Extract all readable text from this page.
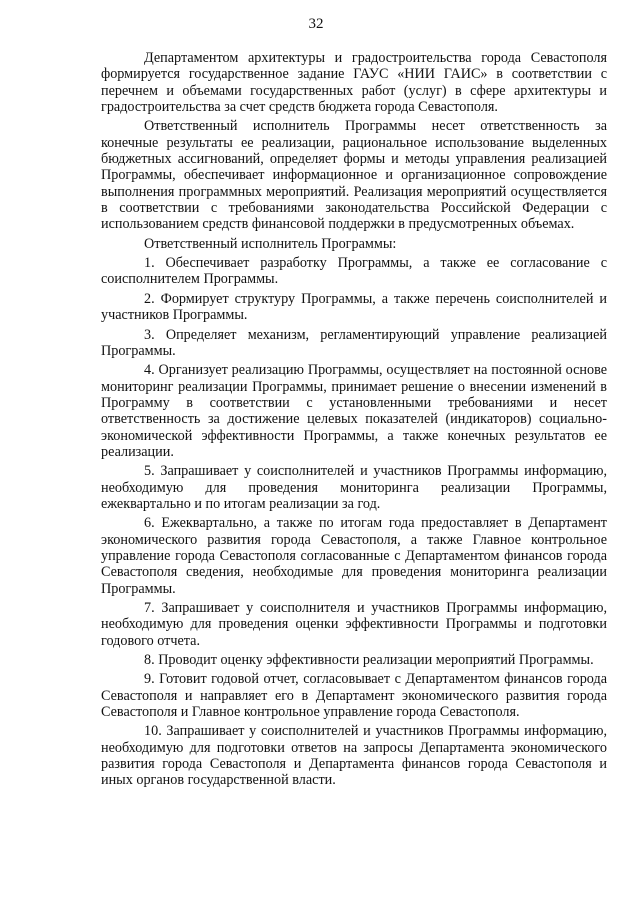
32

Департаментом архитектуры и градостроительства города Севастополя формируется государственное задание ГАУС «НИИ ГАИС» в соответствии с перечнем и объемами государственных работ (услуг) в сфере архитектуры и градостроительства за счет средств бюджета города Севастополя.

Ответственный исполнитель Программы несет ответственность за конечные результаты ее реализации, рациональное использование выделенных бюджетных ассигнований, определяет формы и методы управления реализацией Программы, обеспечивает информационное и организационное сопровождение выполнения программных мероприятий. Реализация мероприятий осуществляется в соответствии с требованиями законодательства Российской Федерации с использованием средств финансовой поддержки в предусмотренных объемах.

Ответственный исполнитель Программы:

1. Обеспечивает разработку Программы, а также ее согласование с соисполнителем Программы.

2. Формирует структуру Программы, а также перечень соисполнителей и участников Программы.

3. Определяет механизм, регламентирующий управление реализацией Программы.

4. Организует реализацию Программы, осуществляет на постоянной основе мониторинг реализации Программы, принимает решение о внесении изменений в Программу в соответствии с установленными требованиями и несет ответственность за достижение целевых показателей (индикаторов) социально-экономической эффективности Программы, а также конечных результатов ее реализации.

5. Запрашивает у соисполнителей и участников Программы информацию, необходимую для проведения мониторинга реализации Программы, ежеквартально и по итогам реализации за год.

6. Ежеквартально, а также по итогам года предоставляет в Департамент экономического развития города Севастополя, а также Главное контрольное управление города Севастополя согласованные с Департаментом финансов города Севастополя сведения, необходимые для проведения мониторинга реализации Программы.

7. Запрашивает у соисполнителя и участников Программы информацию, необходимую для проведения оценки эффективности Программы и подготовки годового отчета.

8. Проводит оценку эффективности реализации мероприятий Программы.

9. Готовит годовой отчет, согласовывает с Департаментом финансов города Севастополя и направляет его в Департамент экономического развития города Севастополя и Главное контрольное управление города Севастополя.

10. Запрашивает у соисполнителей и участников Программы информацию, необходимую для подготовки ответов на запросы Департамента экономического развития города Севастополя и Департамента финансов города Севастополя и иных органов государственной власти.
